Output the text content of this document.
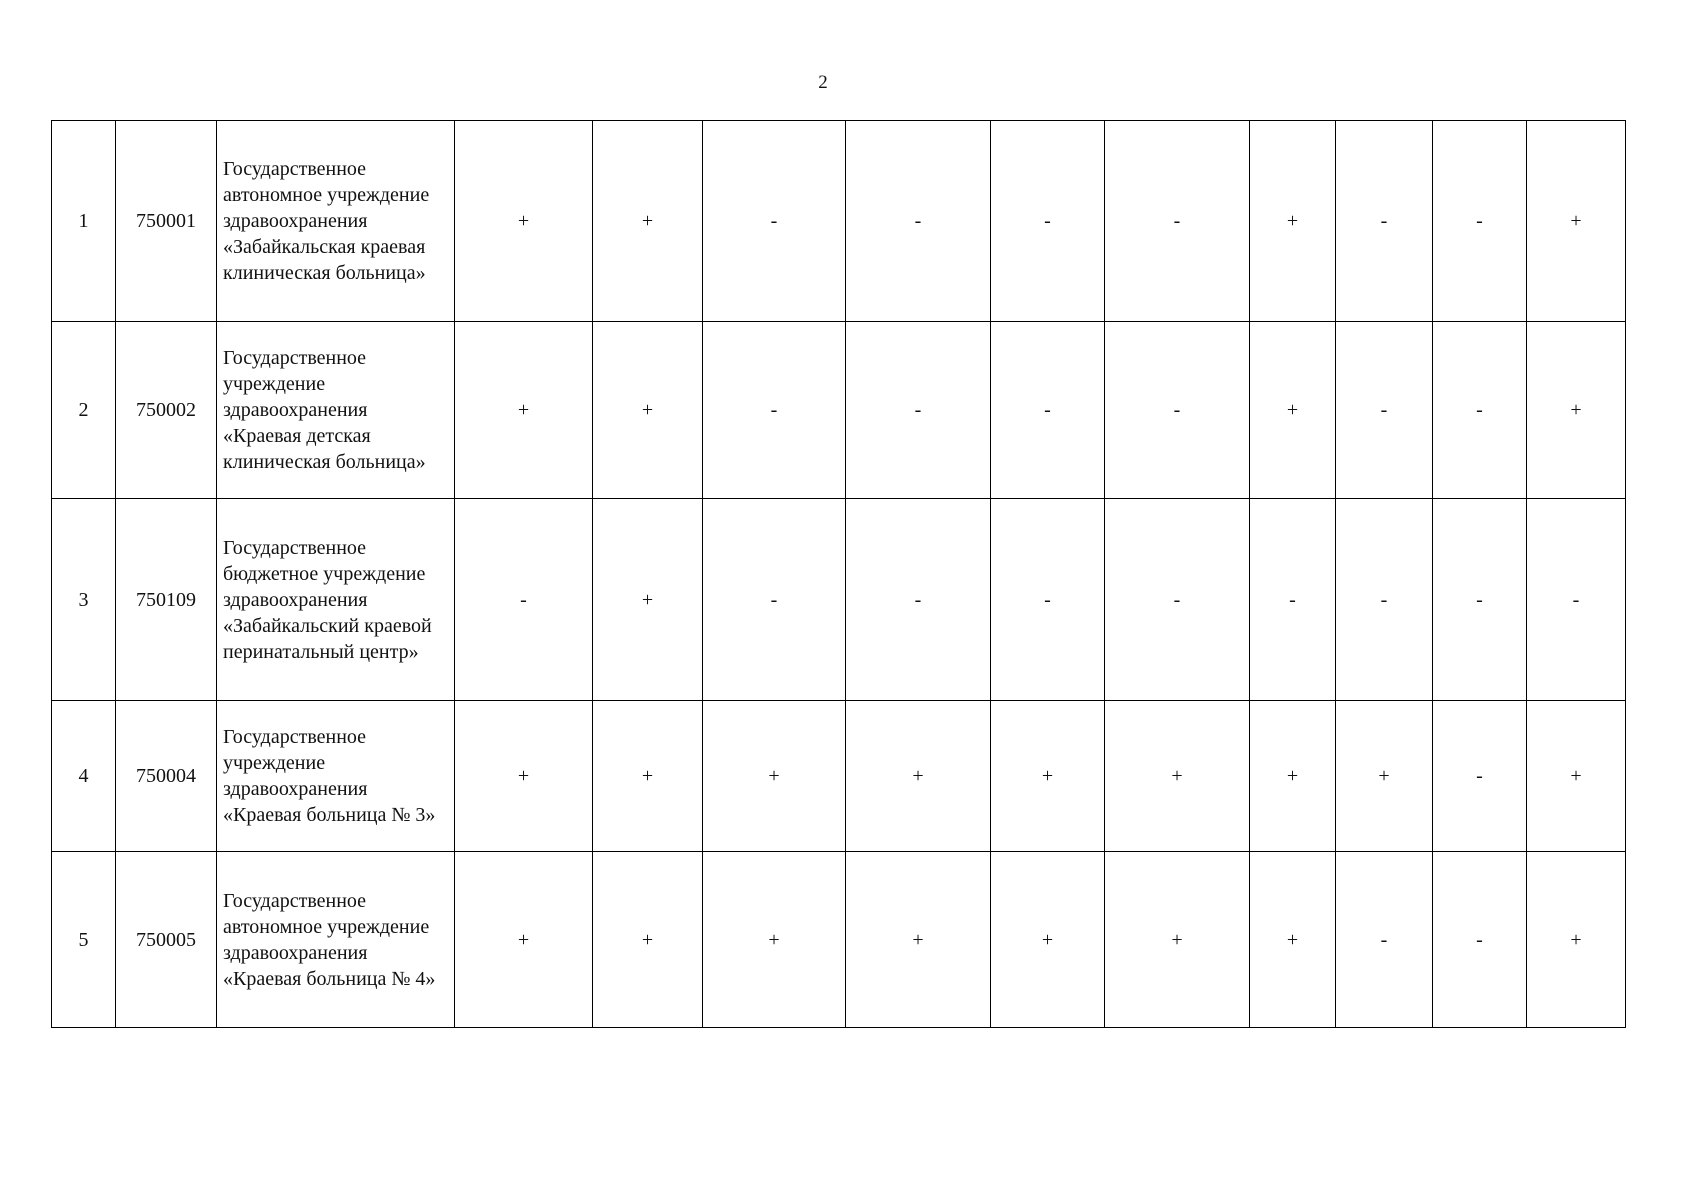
2
1	750001	Государственное автономное учреждение здравоохранения «Забайкальская краевая клиническая больница»	+	+	-	-	-	-	+	-	-	+
2	750002	Государственное учреждение здравоохранения «Краевая детская клиническая больница»	+	+	-	-	-	-	+	-	-	+
3	750109	Государственное бюджетное учреждение здравоохранения «Забайкальский краевой перинатальный центр»	-	+	-	-	-	-	-	-	-	-
4	750004	Государственное учреждение здравоохранения «Краевая больница № 3»	+	+	+	+	+	+	+	+	-	+
5	750005	Государственное автономное учреждение здравоохранения «Краевая больница № 4»	+	+	+	+	+	+	+	-	-	+
